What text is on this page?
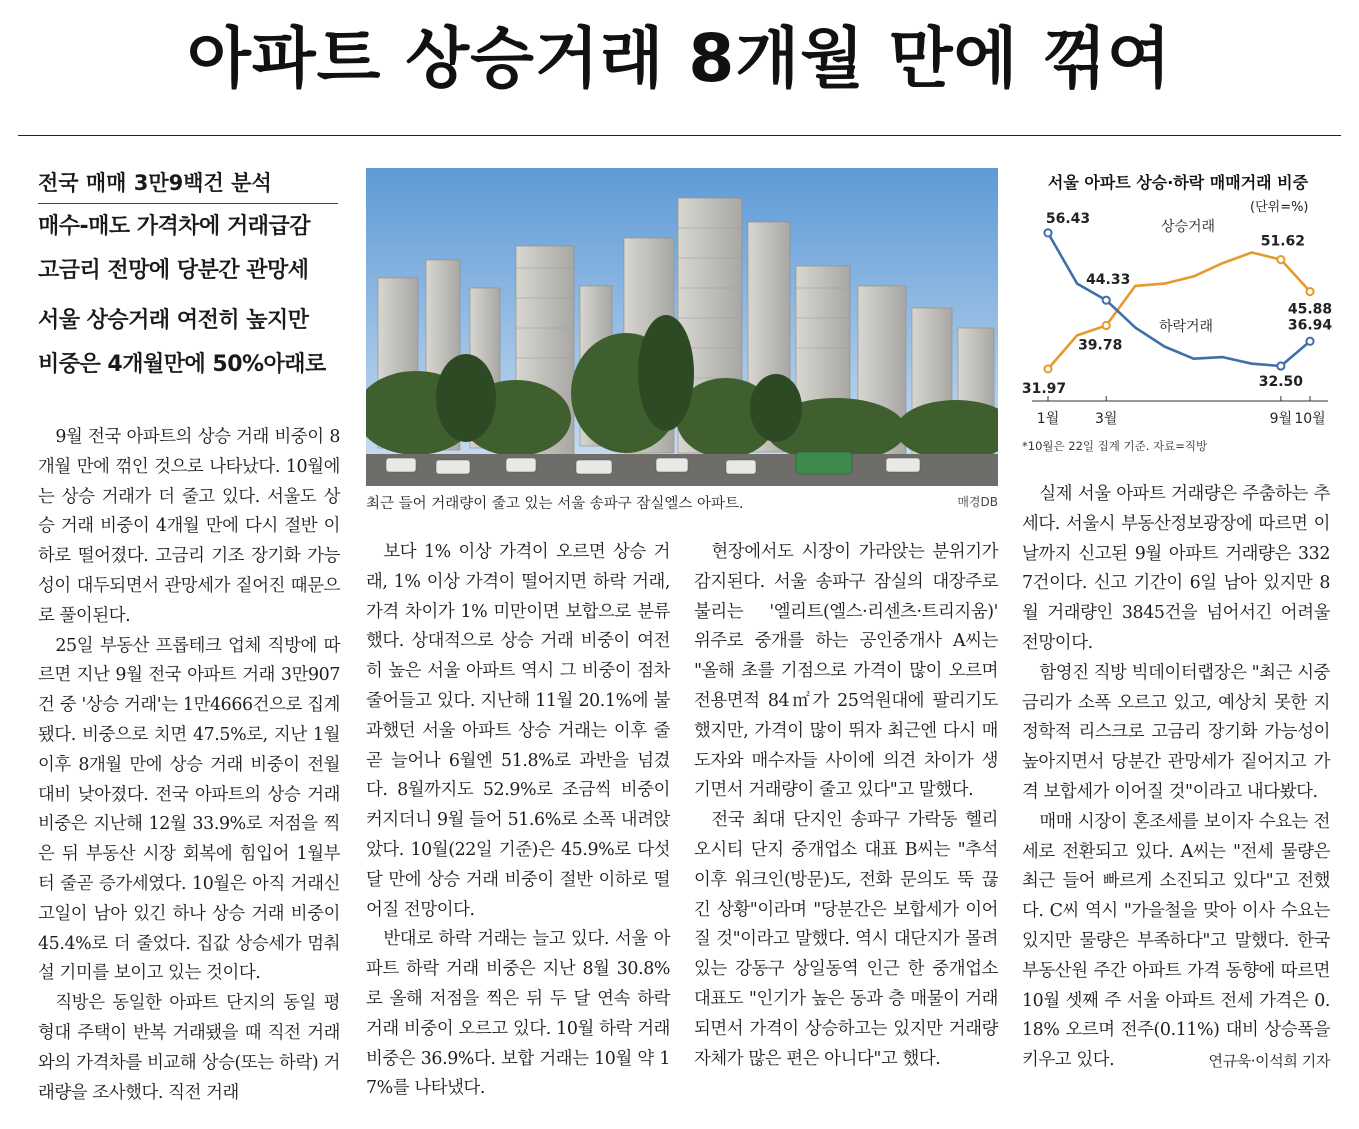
아파트 상승거래 8개월 만에 꺾여
전국 매매 3만9백건 분석
매수-매도 가격차에 거래급감
고금리 전망에 당분간 관망세
서울 상승거래 여전히 높지만
비중은 4개월만에 50%아래로

9월 전국 아파트의 상승 거래 비중이 8개월 만에 꺾인 것으로 나타났다. 10월에는 상승 거래가 더 줄고 있다. 서울도 상승 거래 비중이 4개월 만에 다시 절반 이하로 떨어졌다. 고금리 기조 장기화 가능성이 대두되면서 관망세가 짙어진 때문으로 풀이된다.

25일 부동산 프롭테크 업체 직방에 따르면 지난 9월 전국 아파트 거래 3만907건 중 '상승 거래'는 1만4666건으로 집계됐다. 비중으로 치면 47.5%로, 지난 1월 이후 8개월 만에 상승 거래 비중이 전월 대비 낮아졌다. 전국 아파트의 상승 거래 비중은 지난해 12월 33.9%로 저점을 찍은 뒤 부동산 시장 회복에 힘입어 1월부터 줄곧 증가세였다. 10월은 아직 거래신고일이 남아 있긴 하나 상승 거래 비중이 45.4%로 더 줄었다. 집값 상승세가 멈춰 설 기미를 보이고 있는 것이다.

직방은 동일한 아파트 단지의 동일 평형대 주택이 반복 거래됐을 때 직전 거래와의 가격차를 비교해 상승(또는 하락) 거래량을 조사했다. 직전 거래

보다 1% 이상 가격이 오르면 상승 거래, 1% 이상 가격이 떨어지면 하락 거래, 가격 차이가 1% 미만이면 보합으로 분류했다. 상대적으로 상승 거래 비중이 여전히 높은 서울 아파트 역시 그 비중이 점차 줄어들고 있다. 지난해 11월 20.1%에 불과했던 서울 아파트 상승 거래는 이후 줄곧 늘어나 6월엔 51.8%로 과반을 넘겼다. 8월까지도 52.9%로 조금씩 비중이 커지더니 9월 들어 51.6%로 소폭 내려앉았다. 10월(22일 기준)은 45.9%로 다섯 달 만에 상승 거래 비중이 절반 이하로 떨어질 전망이다.

반대로 하락 거래는 늘고 있다. 서울 아파트 하락 거래 비중은 지난 8월 30.8%로 올해 저점을 찍은 뒤 두 달 연속 하락 거래 비중이 오르고 있다. 10월 하락 거래 비중은 36.9%다. 보합 거래는 10월 약 17%를 나타냈다.

현장에서도 시장이 가라앉는 분위기가 감지된다. 서울 송파구 잠실의 대장주로 불리는 '엘리트(엘스·리센츠·트리지움)' 위주로 중개를 하는 공인중개사 A씨는 "올해 초를 기점으로 가격이 많이 오르며 전용면적 84㎡가 25억원대에 팔리기도 했지만, 가격이 많이 뛰자 최근엔 다시 매도자와 매수자들 사이에 의견 차이가 생기면서 거래량이 줄고 있다"고 말했다.

전국 최대 단지인 송파구 가락동 헬리오시티 단지 중개업소 대표 B씨는 "추석 이후 워크인(방문)도, 전화 문의도 뚝 끊긴 상황"이라며 "당분간은 보합세가 이어질 것"이라고 말했다. 역시 대단지가 몰려 있는 강동구 상일동역 인근 한 중개업소 대표도 "인기가 높은 동과 층 매물이 거래되면서 가격이 상승하고는 있지만 거래량 자체가 많은 편은 아니다"고 했다.

실제 서울 아파트 거래량은 주춤하는 추세다. 서울시 부동산정보광장에 따르면 이날까지 신고된 9월 아파트 거래량은 3327건이다. 신고 기간이 6일 남아 있지만 8월 거래량인 3845건을 넘어서긴 어려울 전망이다.

함영진 직방 빅데이터랩장은 "최근 시중금리가 소폭 오르고 있고, 예상치 못한 지정학적 리스크로 고금리 장기화 가능성이 높아지면서 당분간 관망세가 짙어지고 가격 보합세가 이어질 것"이라고 내다봤다.

매매 시장이 혼조세를 보이자 수요는 전세로 전환되고 있다. A씨는 "전세 물량은 최근 들어 빠르게 소진되고 있다"고 전했다. C씨 역시 "가을철을 맞아 이사 수요는 있지만 물량은 부족하다"고 말했다. 한국부동산원 주간 아파트 가격 동향에 따르면 10월 셋째 주 서울 아파트 전세 가격은 0.18% 오르며 전주(0.11%) 대비 상승폭을 키우고 있다.	연규욱·이석희 기자
최근 들어 거래량이 줄고 있는 서울 송파구 잠실엘스 아파트.	매경DB
서울 아파트 상승·하락 매매거래 비중
(단위=%)
1월	3월	9월 10월
31.97
39.78
51.62
45.88
56.43
44.33
32.50
36.94
상승거래
하락거래
*10월은 22일 집계 기준. 자료=직방
